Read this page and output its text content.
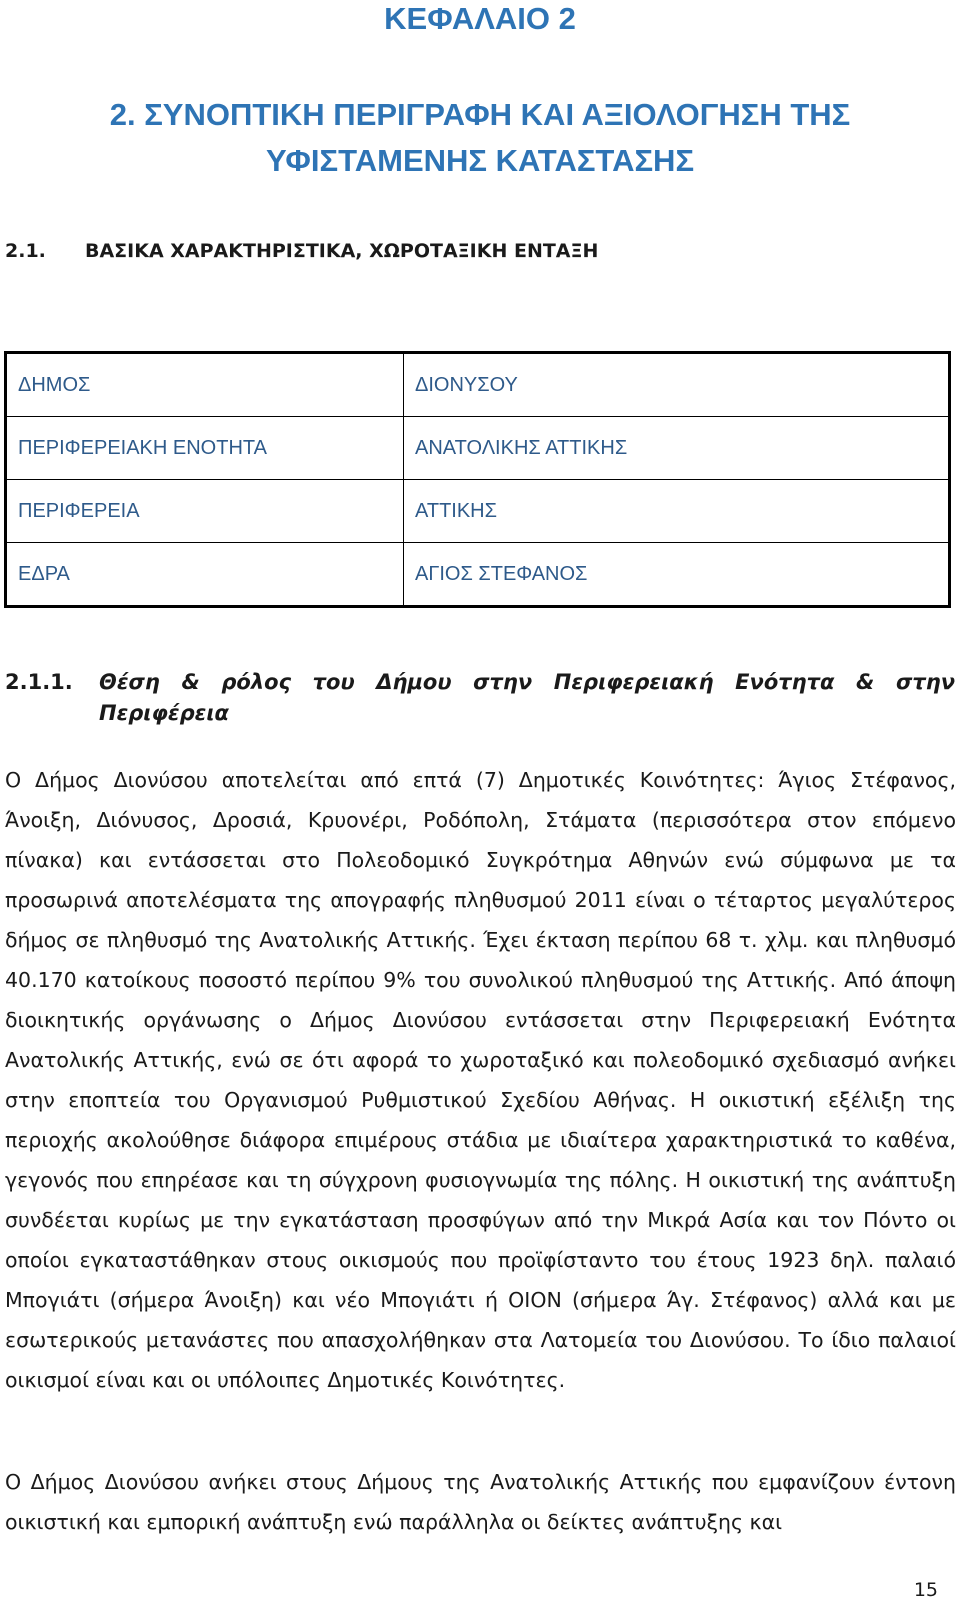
ΚΕΦΑΛΑΙΟ 2
2. ΣΥΝΟΠΤΙΚΗ ΠΕΡΙΓΡΑΦΗ ΚΑΙ ΑΞΙΟΛΟΓΗΣΗ ΤΗΣ ΥΦΙΣΤΑΜΕΝΗΣ ΚΑΤΑΣΤΑΣΗΣ
2.1. ΒΑΣΙΚΑ ΧΑΡΑΚΤΗΡΙΣΤΙΚΑ, ΧΩΡΟΤΑΞΙΚΗ ΕΝΤΑΞΗ
ΔΗΜΟΣ	ΔΙΟΝΥΣΟΥ
ΠΕΡΙΦΕΡΕΙΑΚΗ ΕΝΟΤΗΤΑ	ΑΝΑΤΟΛΙΚΗΣ ΑΤΤΙΚΗΣ
ΠΕΡΙΦΕΡΕΙΑ	ΑΤΤΙΚΗΣ
ΕΔΡΑ	ΑΓΙΟΣ ΣΤΕΦΑΝΟΣ
2.1.1. Θέση & ρόλος του Δήμου στην Περιφερειακή Ενότητα & στην Περιφέρεια
Ο Δήμος Διονύσου αποτελείται από επτά (7) Δημοτικές Κοινότητες: Άγιος Στέφανος, Άνοιξη, Διόνυσος, Δροσιά, Κρυονέρι, Ροδόπολη, Στάματα (περισσότερα στον επόμενο πίνακα) και εντάσσεται στο Πολεοδομικό Συγκρότημα Αθηνών ενώ σύμφωνα με τα προσωρινά αποτελέσματα της απογραφής πληθυσμού 2011 είναι ο τέταρτος μεγαλύτερος δήμος σε πληθυσμό της Ανατολικής Αττικής. Έχει έκταση περίπου 68 τ. χλμ. και πληθυσμό 40.170 κατοίκους ποσοστό περίπου 9% του συνολικού πληθυσμού της Αττικής. Από άποψη διοικητικής οργάνωσης ο Δήμος Διονύσου εντάσσεται στην Περιφερειακή Ενότητα Ανατολικής Αττικής, ενώ σε ότι αφορά το χωροταξικό και πολεοδομικό σχεδιασμό ανήκει στην εποπτεία του Οργανισμού Ρυθμιστικού Σχεδίου Αθήνας. Η οικιστική εξέλιξη της περιοχής ακολούθησε διάφορα επιμέρους στάδια με ιδιαίτερα χαρακτηριστικά το καθένα, γεγονός που επηρέασε και τη σύγχρονη φυσιογνωμία της πόλης. Η οικιστική της ανάπτυξη συνδέεται κυρίως με την εγκατάσταση προσφύγων από την Μικρά Ασία και τον Πόντο οι οποίοι εγκαταστάθηκαν στους οικισμούς που προϊφίσταντο του έτους 1923 δηλ. παλαιό Μπογιάτι (σήμερα Άνοιξη) και νέο Μπογιάτι ή ΟΙΟΝ (σήμερα Άγ. Στέφανος) αλλά και με εσωτερικούς μετανάστες που απασχολήθηκαν στα Λατομεία του Διονύσου. Το ίδιο παλαιοί οικισμοί είναι και οι υπόλοιπες Δημοτικές Κοινότητες.
Ο Δήμος Διονύσου ανήκει στους Δήμους της Ανατολικής Αττικής που εμφανίζουν έντονη οικιστική και εμπορική ανάπτυξη ενώ παράλληλα οι δείκτες ανάπτυξης και
15
